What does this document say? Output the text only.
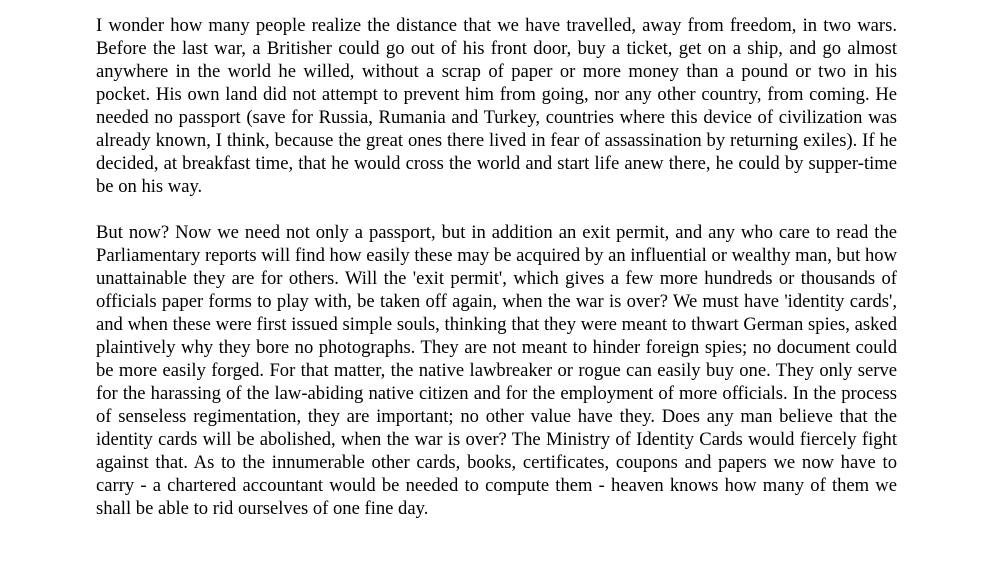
I wonder how many people realize the distance that we have travelled, away from freedom, in two wars. Before the last war, a Britisher could go out of his front door, buy a ticket, get on a ship, and go almost anywhere in the world he willed, without a scrap of paper or more money than a pound or two in his pocket. His own land did not attempt to prevent him from going, nor any other country, from coming. He needed no passport (save for Russia, Rumania and Turkey, countries where this device of civilization was already known, I think, because the great ones there lived in fear of assassination by returning exiles). If he decided, at breakfast time, that he would cross the world and start life anew there, he could by supper-time be on his way.

But now? Now we need not only a passport, but in addition an exit permit, and any who care to read the Parliamentary reports will find how easily these may be acquired by an influential or wealthy man, but how unattainable they are for others. Will the 'exit permit', which gives a few more hundreds or thousands of officials paper forms to play with, be taken off again, when the war is over? We must have 'identity cards', and when these were first issued simple souls, thinking that they were meant to thwart German spies, asked plaintively why they bore no photographs. They are not meant to hinder foreign spies; no document could be more easily forged. For that matter, the native lawbreaker or rogue can easily buy one. They only serve for the harassing of the law-abiding native citizen and for the employment of more officials. In the process of senseless regimentation, they are important; no other value have they. Does any man believe that the identity cards will be abolished, when the war is over? The Ministry of Identity Cards would fiercely fight against that. As to the innumerable other cards, books, certificates, coupons and papers we now have to carry - a chartered accountant would be needed to compute them - heaven knows how many of them we shall be able to rid ourselves of one fine day.
